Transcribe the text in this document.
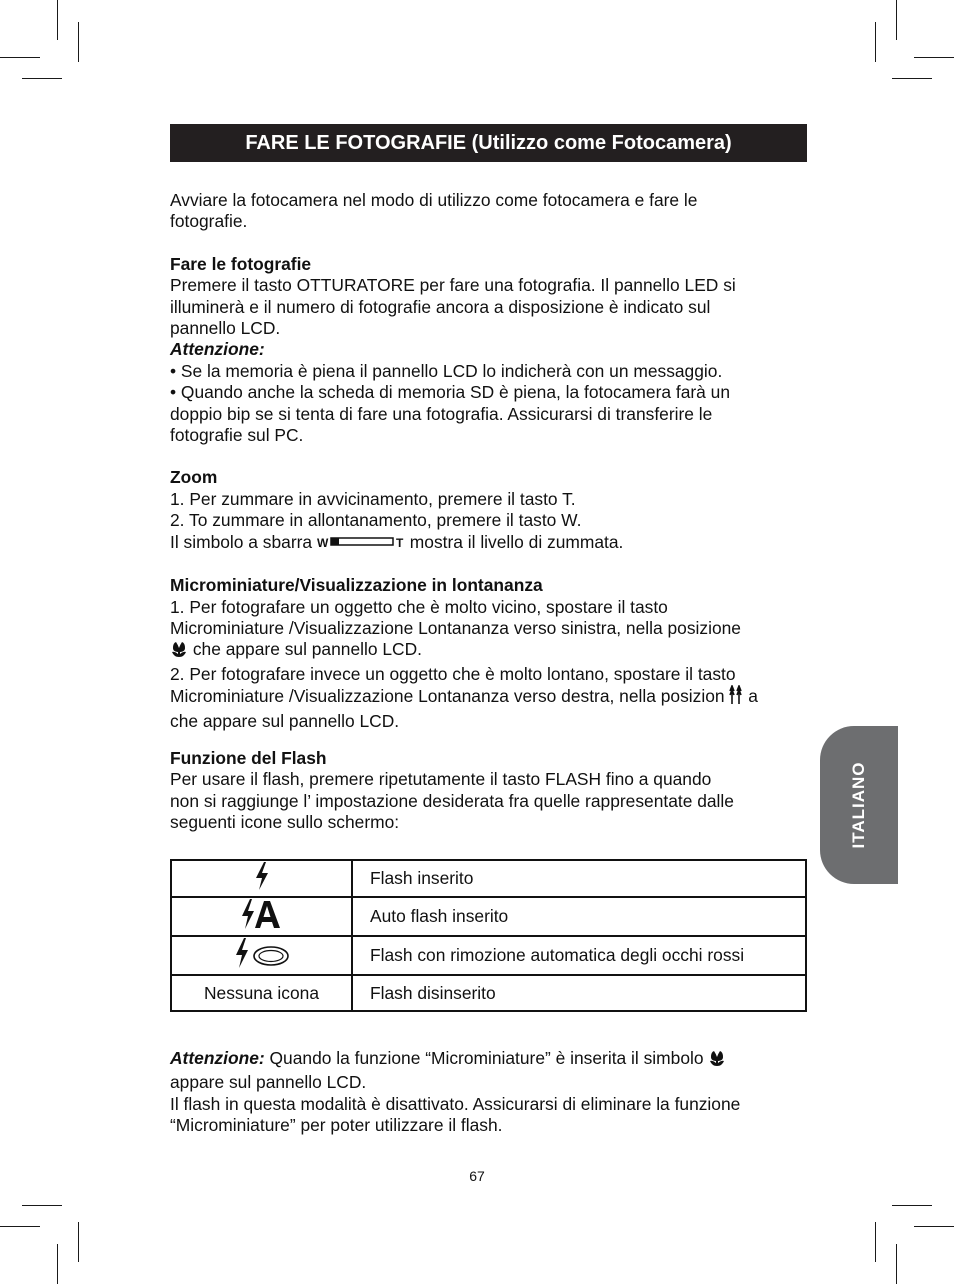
FARE LE FOTOGRAFIE (Utilizzo come Fotocamera)

Avviare la fotocamera nel modo di utilizzo come fotocamera e fare le

fotografie.

Fare le fotografie

Premere il tasto OTTURATORE per fare una fotografia. Il pannello LED si

illuminerà e il numero di fotografie ancora a disposizione è indicato sul

pannello LCD.

Attenzione:

• Se la memoria è piena il pannello LCD lo indicherà con un messaggio.

• Quando anche la scheda di memoria SD è piena, la fotocamera farà un

doppio bip se si tenta di fare una fotografia. Assicurarsi di transferire le

fotografie sul PC.

Zoom

1. Per zummare in avvicinamento, premere il tasto T.

2. To zummare in allontanamento, premere il tasto W.

Il simbolo a sbarra W	T mostra il livello di zummata.

Microminiature/Visualizzazione in lontananza

1. Per fotografare un oggetto che è molto vicino, spostare il tasto

Microminiature /Visualizzazione Lontananza verso sinistra, nella posizione

che appare sul pannello LCD.

2. Per fotografare invece un oggetto che è molto lontano, spostare il tasto

Microminiature /Visualizzazione Lontananza verso destra, nella posizion a

che appare sul pannello LCD.

Funzione del Flash

Per usare il flash, premere ripetutamente il tasto FLASH fino a quando

non si raggiunge l’ impostazione desiderata fra quelle rappresentate dalle

seguenti icone sullo schermo:

	Flash inserito
	Auto flash inserito
	Flash con rimozione automatica degli occhi rossi
Nessuna icona	Flash disinserito

Attenzione: Quando la funzione “Microminiature” è inserita il simbolo

appare sul pannello LCD.

Il flash in questa modalità è disattivato. Assicurarsi di eliminare la funzione

“Microminiature” per poter utilizzare il flash.

ITALIANO
67
